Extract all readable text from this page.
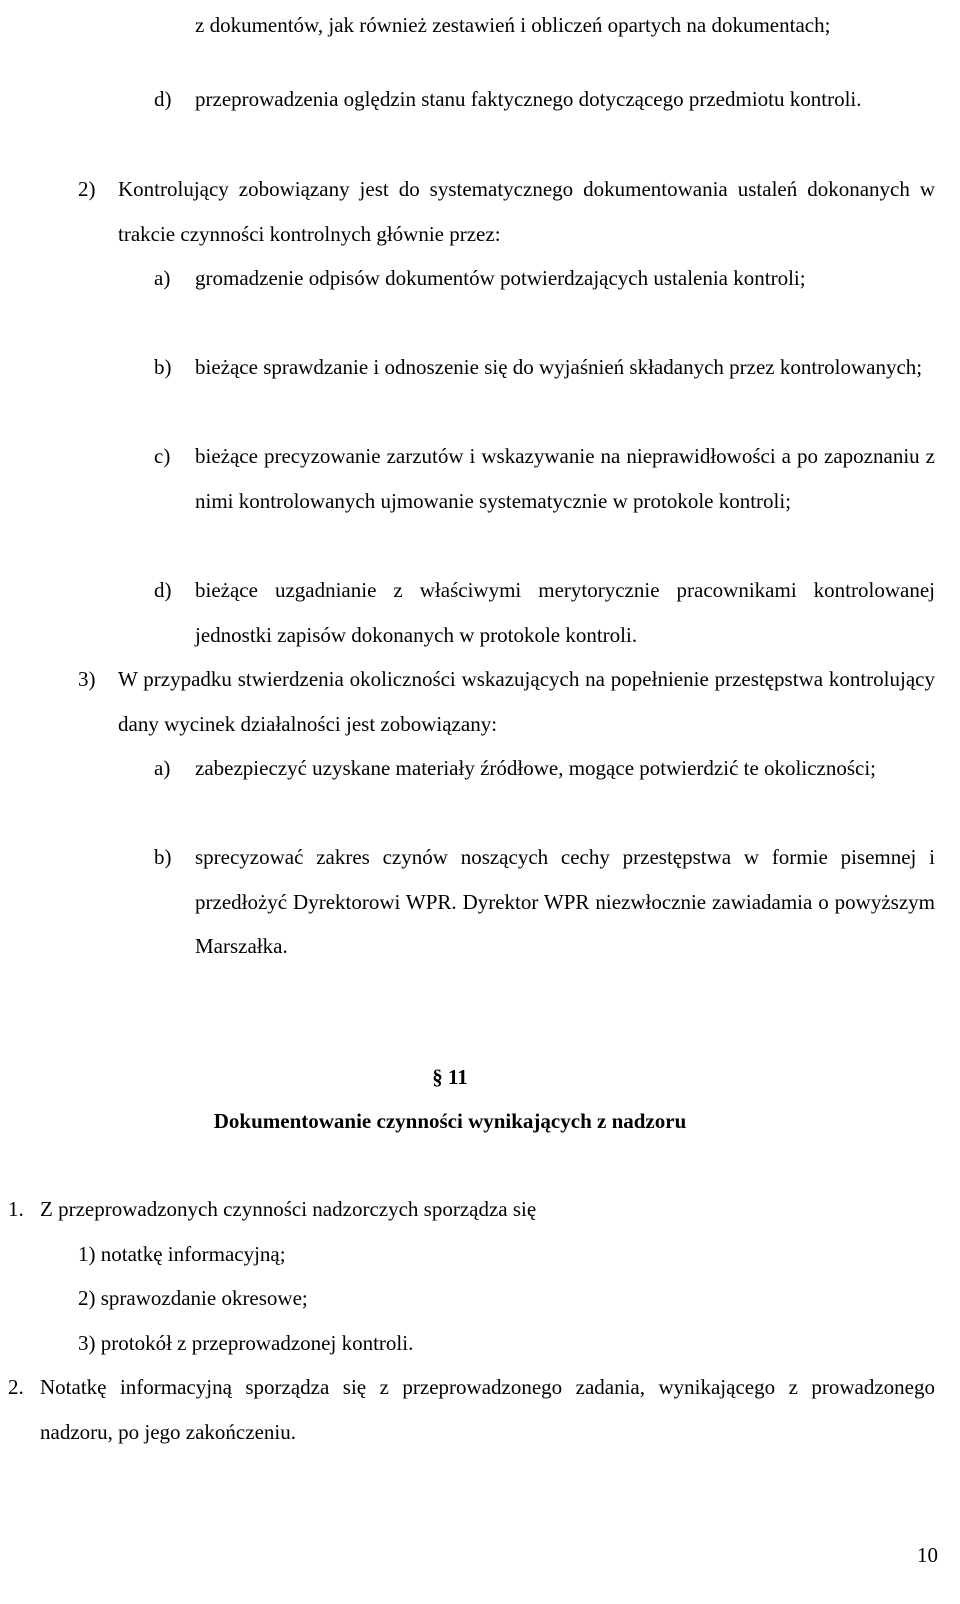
z dokumentów, jak również zestawień i obliczeń opartych na dokumentach;

d) przeprowadzenia oględzin stanu faktycznego dotyczącego przedmiotu kontroli.

2) Kontrolujący zobowiązany jest do systematycznego dokumentowania ustaleń dokonanych w trakcie czynności kontrolnych głównie przez:

a) gromadzenie odpisów dokumentów potwierdzających ustalenia kontroli;

b) bieżące sprawdzanie i odnoszenie się do wyjaśnień składanych przez kontrolowanych;

c) bieżące precyzowanie zarzutów i wskazywanie na nieprawidłowości a po zapoznaniu z nimi kontrolowanych ujmowanie systematycznie w protokole kontroli;

d) bieżące uzgadnianie z właściwymi merytorycznie pracownikami kontrolowanej jednostki zapisów dokonanych w protokole kontroli.

3) W przypadku stwierdzenia okoliczności wskazujących na popełnienie przestępstwa kontrolujący dany wycinek działalności jest zobowiązany:

a) zabezpieczyć uzyskane materiały źródłowe, mogące potwierdzić te okoliczności;

b) sprecyzować zakres czynów noszących cechy przestępstwa w formie pisemnej i przedłożyć Dyrektorowi WPR. Dyrektor WPR niezwłocznie zawiadamia o powyższym Marszałka.

§ 11
Dokumentowanie czynności wynikających z nadzoru
1. Z przeprowadzonych czynności nadzorczych sporządza się

1) notatkę informacyjną;
2) sprawozdanie okresowe;
3) protokół z przeprowadzonej kontroli.
2. Notatkę informacyjną sporządza się z przeprowadzonego zadania, wynikającego z prowadzonego nadzoru, po jego zakończeniu.

10
